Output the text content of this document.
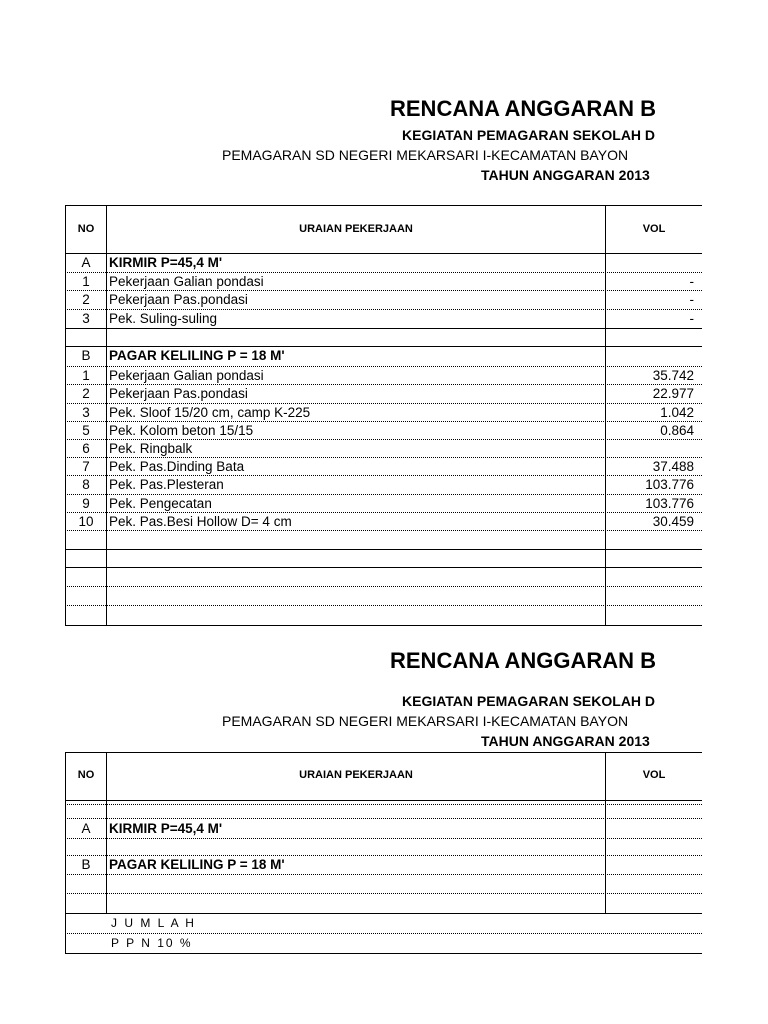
RENCANA ANGGARAN B
KEGIATAN PEMAGARAN SEKOLAH D
PEMAGARAN SD NEGERI MEKARSARI I-KECAMATAN BAYON
TAHUN ANGGARAN 2013
NO	URAIAN PEKERJAAN	VOL
A	KIRMIR P=45,4 M'
1	Pekerjaan Galian pondasi	-
2	Pekerjaan Pas.pondasi	-
3	Pek. Suling-suling	-
B	PAGAR KELILING P = 18 M'
1	Pekerjaan Galian pondasi	35.742
2	Pekerjaan Pas.pondasi	22.977
3	Pek. Sloof 15/20 cm, camp K-225	1.042
5	Pek. Kolom beton 15/15	0.864
6	Pek. Ringbalk
7	Pek. Pas.Dinding Bata	37.488
8	Pek. Pas.Plesteran	103.776
9	Pek. Pengecatan	103.776
10	Pek. Pas.Besi Hollow D= 4 cm	30.459
RENCANA ANGGARAN B
KEGIATAN PEMAGARAN SEKOLAH D
PEMAGARAN SD NEGERI MEKARSARI I-KECAMATAN BAYON
TAHUN ANGGARAN 2013
NO	URAIAN PEKERJAAN	VOL
A	KIRMIR P=45,4 M'
B	PAGAR KELILING P = 18 M'
J U M L A H
P P N 10 %
